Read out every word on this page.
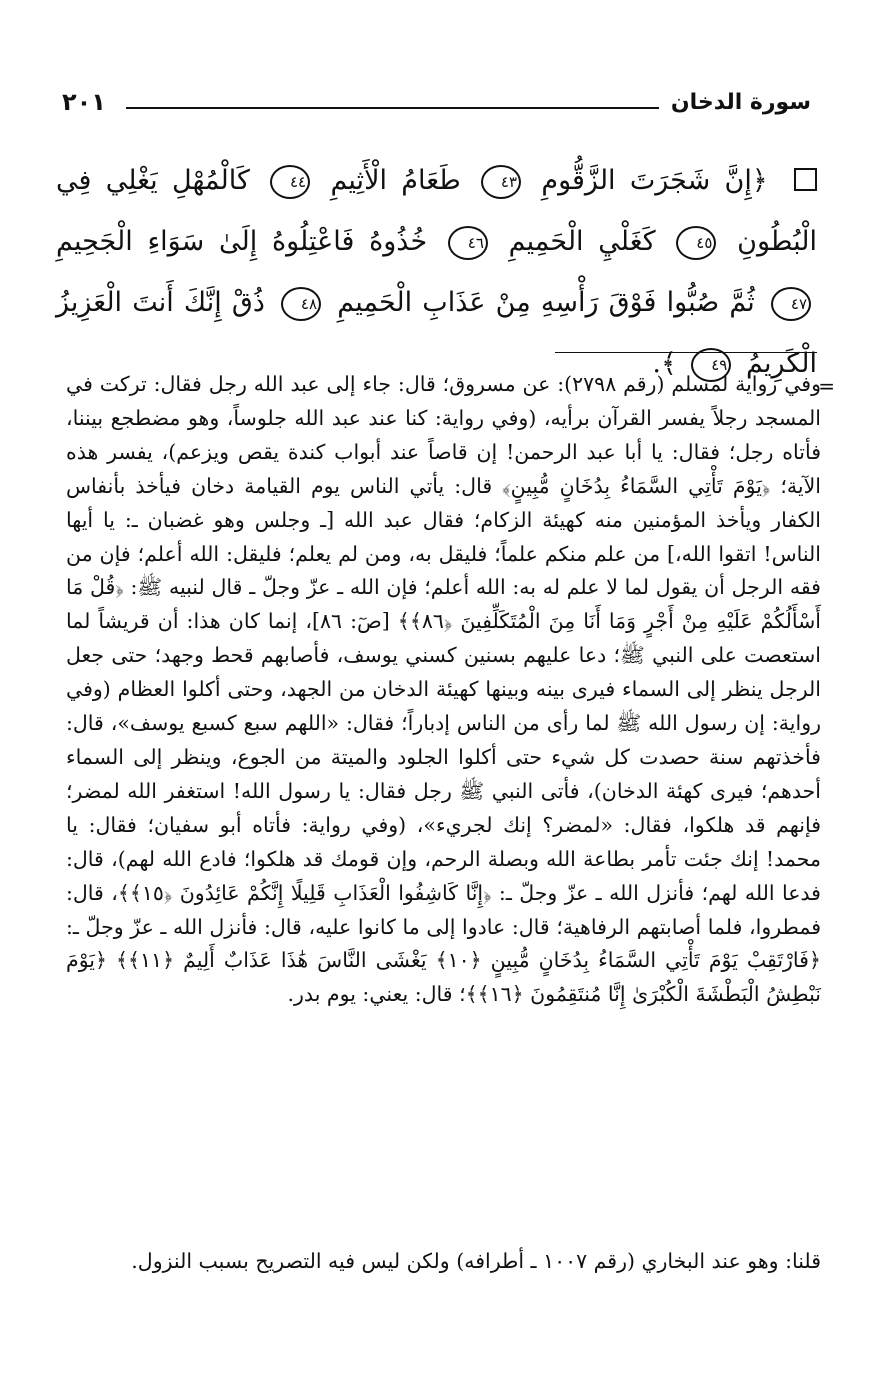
سورة الدخان
٢٠١
﴿إِنَّ شَجَرَتَ الزَّقُّومِ ٤٣ طَعَامُ الْأَثِيمِ ٤٤ كَالْمُهْلِ يَغْلِي فِي الْبُطُونِ ٤٥ كَغَلْيِ الْحَمِيمِ ٤٦ خُذُوهُ فَاعْتِلُوهُ إِلَىٰ سَوَاءِ الْجَحِيمِ ٤٧ ثُمَّ صُبُّوا فَوْقَ رَأْسِهِ مِنْ عَذَابِ الْحَمِيمِ ٤٨ ذُقْ إِنَّكَ أَنتَ الْعَزِيزُ الْكَرِيمُ ٤٩ ﴾.
=
وفي رواية لمسلم (رقم ٢٧٩٨): عن مسروق؛ قال: جاء إلى عبد الله رجل فقال: تركت في المسجد رجلاً يفسر القرآن برأيه، (وفي رواية: كنا عند عبد الله جلوساً، وهو مضطجع بيننا، فأتاه رجل؛ فقال: يا أبا عبد الرحمن! إن قاصاً عند أبواب كندة يقص ويزعم)، يفسر هذه الآية؛ ﴿يَوْمَ تَأْتِي السَّمَاءُ بِدُخَانٍ مُّبِينٍ﴾ قال: يأتي الناس يوم القيامة دخان فيأخذ بأنفاس الكفار ويأخذ المؤمنين منه كهيئة الزكام؛ فقال عبد الله [ـ وجلس وهو غضبان ـ: يا أيها الناس! اتقوا الله،] من علم منكم علماً؛ فليقل به، ومن لم يعلم؛ فليقل: الله أعلم؛ فإن من فقه الرجل أن يقول لما لا علم له به: الله أعلم؛ فإن الله ـ عزّ وجلّ ـ قال لنبيه ﷺ: ﴿قُلْ مَا أَسْأَلُكُمْ عَلَيْهِ مِنْ أَجْرٍ وَمَا أَنَا مِنَ الْمُتَكَلِّفِينَ ﴿٨٦﴾﴾ [صٓ: ٨٦]، إنما كان هذا: أن قريشاً لما استعصت على النبي ﷺ؛ دعا عليهم بسنين كسني يوسف، فأصابهم قحط وجهد؛ حتى جعل الرجل ينظر إلى السماء فيرى بينه وبينها كهيئة الدخان من الجهد، وحتى أكلوا العظام (وفي رواية: إن رسول الله ﷺ لما رأى من الناس إدباراً؛ فقال: «اللهم سبع كسبع يوسف»، قال: فأخذتهم سنة حصدت كل شيء حتى أكلوا الجلود والميتة من الجوع، وينظر إلى السماء أحدهم؛ فيرى كهئة الدخان)، فأتى النبي ﷺ رجل فقال: يا رسول الله! استغفر الله لمضر؛ فإنهم قد هلكوا، فقال: «لمضر؟ إنك لجريء»، (وفي رواية: فأتاه أبو سفيان؛ فقال: يا محمد! إنك جئت تأمر بطاعة الله وبصلة الرحم، وإن قومك قد هلكوا؛ فادع الله لهم)، قال: فدعا الله لهم؛ فأنزل الله ـ عزّ وجلّ ـ: ﴿إِنَّا كَاشِفُوا الْعَذَابِ قَلِيلًا إِنَّكُمْ عَائِدُونَ ﴿١٥﴾﴾، قال: فمطروا، فلما أصابتهم الرفاهية؛ قال: عادوا إلى ما كانوا عليه، قال: فأنزل الله ـ عزّ وجلّ ـ: ﴿فَارْتَقِبْ يَوْمَ تَأْتِي السَّمَاءُ بِدُخَانٍ مُّبِينٍ ﴿١٠﴾ يَغْشَى النَّاسَ هَٰذَا عَذَابٌ أَلِيمٌ ﴿١١﴾﴾ ﴿يَوْمَ نَبْطِشُ الْبَطْشَةَ الْكُبْرَىٰ إِنَّا مُنتَقِمُونَ ﴿١٦﴾﴾؛ قال: يعني: يوم بدر.
قلنا: وهو عند البخاري (رقم ١٠٠٧ ـ أطرافه) ولكن ليس فيه التصريح بسبب النزول.
